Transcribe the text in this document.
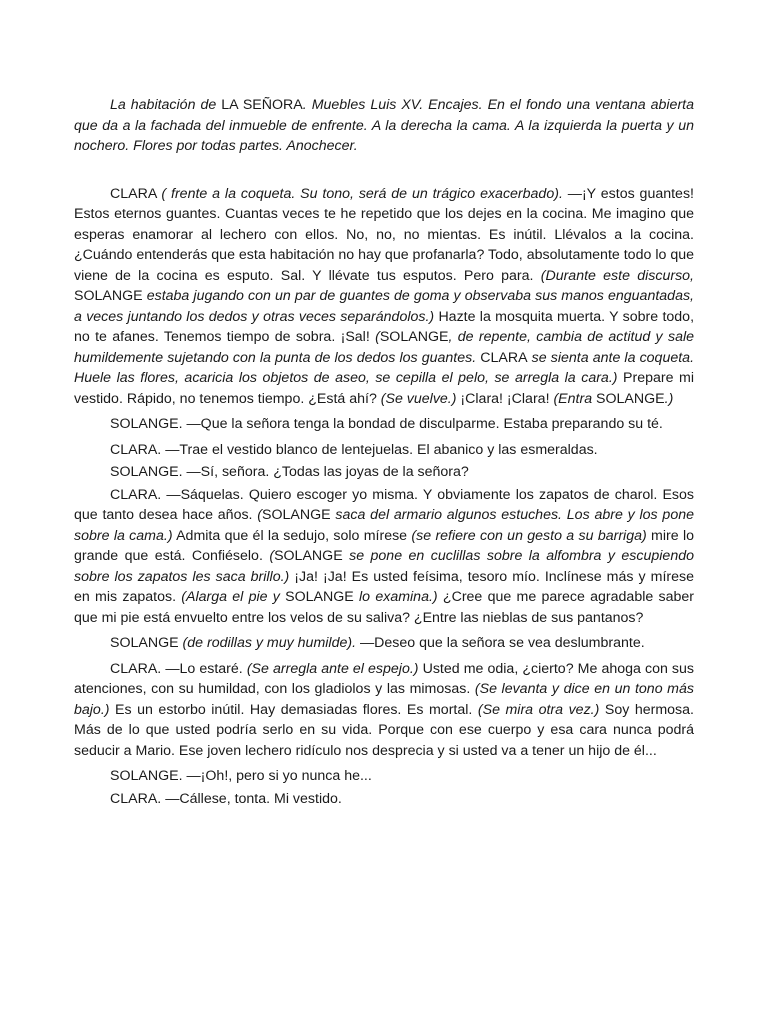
La habitación de LA SEÑORA. Muebles Luis XV. Encajes. En el fondo una ventana abierta que da a la fachada del inmueble de enfrente. A la derecha la cama. A la izquierda la puerta y un nochero. Flores por todas partes. Anochecer.

CLARA ( frente a la coqueta. Su tono, será de un trágico exacerbado). —¡Y estos guantes! Estos eternos guantes. Cuantas veces te he repetido que los dejes en la cocina. Me imagino que esperas enamorar al lechero con ellos. No, no, no mientas. Es inútil. Llévalos a la cocina. ¿Cuándo entenderás que esta habitación no hay que profanarla? Todo, absolutamente todo lo que viene de la cocina es esputo. Sal. Y llévate tus esputos. Pero para. (Durante este discurso, SOLANGE estaba jugando con un par de guantes de goma y observaba sus manos enguantadas, a veces juntando los dedos y otras veces separándolos.) Hazte la mosquita muerta. Y sobre todo, no te afanes. Tenemos tiempo de sobra. ¡Sal! (SOLANGE, de repente, cambia de actitud y sale humildemente sujetando con la punta de los dedos los guantes. CLARA se sienta ante la coqueta. Huele las flores, acaricia los objetos de aseo, se cepilla el pelo, se arregla la cara.) Prepare mi vestido. Rápido, no tenemos tiempo. ¿Está ahí? (Se vuelve.) ¡Clara! ¡Clara! (Entra SOLANGE.)

SOLANGE. —Que la señora tenga la bondad de disculparme. Estaba preparando su té.

CLARA. —Trae el vestido blanco de lentejuelas. El abanico y las esmeraldas.

SOLANGE. —Sí, señora. ¿Todas las joyas de la señora?

CLARA. —Sáquelas. Quiero escoger yo misma. Y obviamente los zapatos de charol. Esos que tanto desea hace años. (SOLANGE saca del armario algunos estuches. Los abre y los pone sobre la cama.) Admita que él la sedujo, solo mírese (se refiere con un gesto a su barriga) mire lo grande que está. Confiéselo. (SOLANGE se pone en cuclillas sobre la alfombra y escupiendo sobre los zapatos les saca brillo.) ¡Ja! ¡Ja! Es usted feísima, tesoro mío. Inclínese más y mírese en mis zapatos. (Alarga el pie y SOLANGE lo examina.) ¿Cree que me parece agradable saber que mi pie está envuelto entre los velos de su saliva? ¿Entre las nieblas de sus pantanos?

SOLANGE (de rodillas y muy humilde). —Deseo que la señora se vea deslumbrante.

CLARA. —Lo estaré. (Se arregla ante el espejo.) Usted me odia, ¿cierto? Me ahoga con sus atenciones, con su humildad, con los gladiolos y las mimosas. (Se levanta y dice en un tono más bajo.) Es un estorbo inútil. Hay demasiadas flores. Es mortal. (Se mira otra vez.) Soy hermosa. Más de lo que usted podría serlo en su vida. Porque con ese cuerpo y esa cara nunca podrá seducir a Mario. Ese joven lechero ridículo nos desprecia y si usted va a tener un hijo de él...

SOLANGE. —¡Oh!, pero si yo nunca he...

CLARA. —Cállese, tonta. Mi vestido.
